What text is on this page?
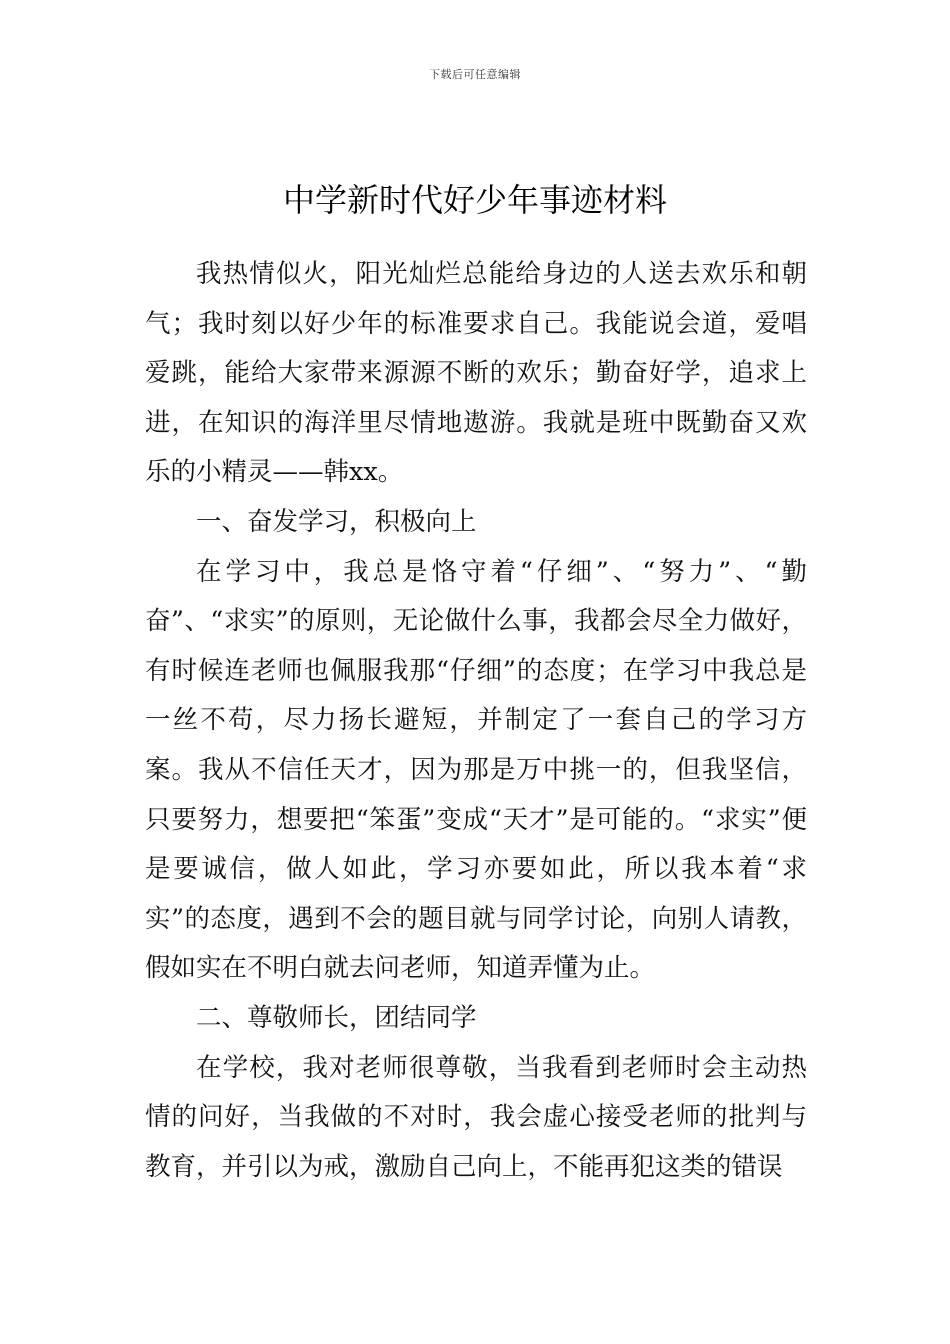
下载后可任意编辑
中学新时代好少年事迹材料

我热情似火，阳光灿烂总能给身边的人送去欢乐和朝气；我时刻以好少年的标准要求自己。我能说会道，爱唱爱跳，能给大家带来源源不断的欢乐；勤奋好学，追求上进，在知识的海洋里尽情地遨游。我就是班中既勤奋又欢乐的小精灵——韩xx。

一、奋发学习，积极向上

在学习中，我总是恪守着“仔细”、“努力”、“勤奋”、“求实”的原则，无论做什么事，我都会尽全力做好，有时候连老师也佩服我那“仔细”的态度；在学习中我总是一丝不苟，尽力扬长避短，并制定了一套自己的学习方案。我从不信任天才，因为那是万中挑一的，但我坚信，只要努力，想要把“笨蛋”变成“天才”是可能的。“求实”便是要诚信，做人如此，学习亦要如此，所以我本着“求实”的态度，遇到不会的题目就与同学讨论，向别人请教，假如实在不明白就去问老师，知道弄懂为止。

二、尊敬师长，团结同学

在学校，我对老师很尊敬，当我看到老师时会主动热情的问好，当我做的不对时，我会虚心接受老师的批判与教育，并引以为戒，激励自己向上，不能再犯这类的错误
